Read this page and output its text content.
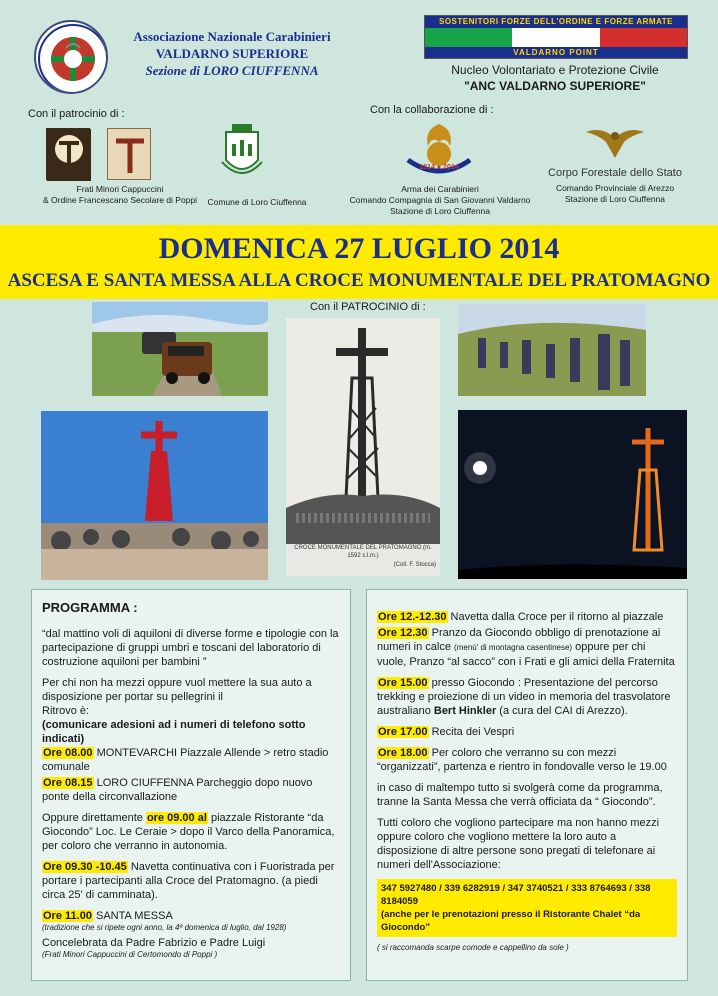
Associazione Nazionale Carabinieri
VALDARNO SUPERIORE
Sezione di LORO CIUFFENNA
SOSTENITORI FORZE DELL'ORDINE E FORZE ARMATE
VALDARNO POINT
Nucleo Volontariato e Protezione Civile
"ANC VALDARNO SUPERIORE"
Con il patrocinio di :
Frati Minori Cappuccini
& Ordine Francescano Secolare di Poppi	Comune di Loro Ciuffenna
Con la collaborazione di :
1814 ● 2014
Arma dei Carabinieri
Comando Compagnia di San Giovanni Valdarno
Stazione di Loro Ciuffenna
Corpo Forestale dello Stato
Comando Provinciale di Arezzo
Stazione di Loro Ciuffenna
DOMENICA 27 LUGLIO 2014
ASCESA E SANTA MESSA ALLA CROCE MONUMENTALE DEL PRATOMAGNO
Con il PATROCINIO di :
CROCE MONUMENTALE DEL PRATOMAGNO (m. 1592 s.l.m.)
(Coll. F. Stocca)
PROGRAMMA :

“dal mattino voli di aquiloni di diverse forme e tipologie con la partecipazione di gruppi umbri e toscani del laboratorio di costruzione aquiloni per bambini ”

Per chi non ha mezzi oppure vuol mettere la sua auto a disposizione per portar su pellegrini il
Ritrovo è:
(comunicare adesioni ad i numeri di telefono sotto indicati)

Ore 08.00 MONTEVARCHI Piazzale Allende > retro stadio comunale

Ore 08.15 LORO CIUFFENNA Parcheggio dopo nuovo ponte della circonvallazione

Oppure direttamente ore 09.00 al piazzale Ristorante “da Giocondo” Loc. Le Ceraie > dopo il Varco della Panoramica, per coloro che verranno in autonomia.

Ore 09.30 -10.45 Navetta continuativa con i Fuoristrada per portare i partecipanti alla Croce del Pratomagno. (a piedi circa 25' di camminata).

Ore 11.00 SANTA MESSA

(tradizione che si ripete ogni anno, la 4ª domenica di luglio, dal 1928)

Concelebrata da Padre Fabrizio e Padre Luigi

(Frati Minori Cappuccini di Certomondo di Poppi )

Ore 12.-12.30 Navetta dalla Croce per il ritorno al piazzale

Ore 12.30 Pranzo da Giocondo obbligo di prenotazione ai numeri in calce (menù' di montagna casentinese) oppure per chi vuole, Pranzo “al sacco” con i Frati e gli amici della Fraternita

Ore 15.00 presso Giocondo : Presentazione del percorso trekking e proiezione di un video in memoria del trasvolatore australiano Bert Hinkler (a cura del CAI di Arezzo).

Ore 17.00 Recita dei Vespri

Ore 18.00 Per coloro che verranno su con mezzi “organizzati”, partenza e rientro in fondovalle verso le 19.00

in caso di maltempo tutto si svolgerà come da programma, tranne la Santa Messa che verrà officiata da “ Giocondo”.

Tutti coloro che vogliono partecipare ma non hanno mezzi oppure coloro che vogliono mettere la loro auto a disposizione di altre persone sono pregati di telefonare ai numeri dell'Associazione:

347 5927480 / 339 6282919 / 347 3740521 / 333 8764693 / 338 8184059
(anche per le prenotazioni presso il Ristorante Chalet “da Giocondo”
( si raccomanda scarpe comode e cappellino da sole )
